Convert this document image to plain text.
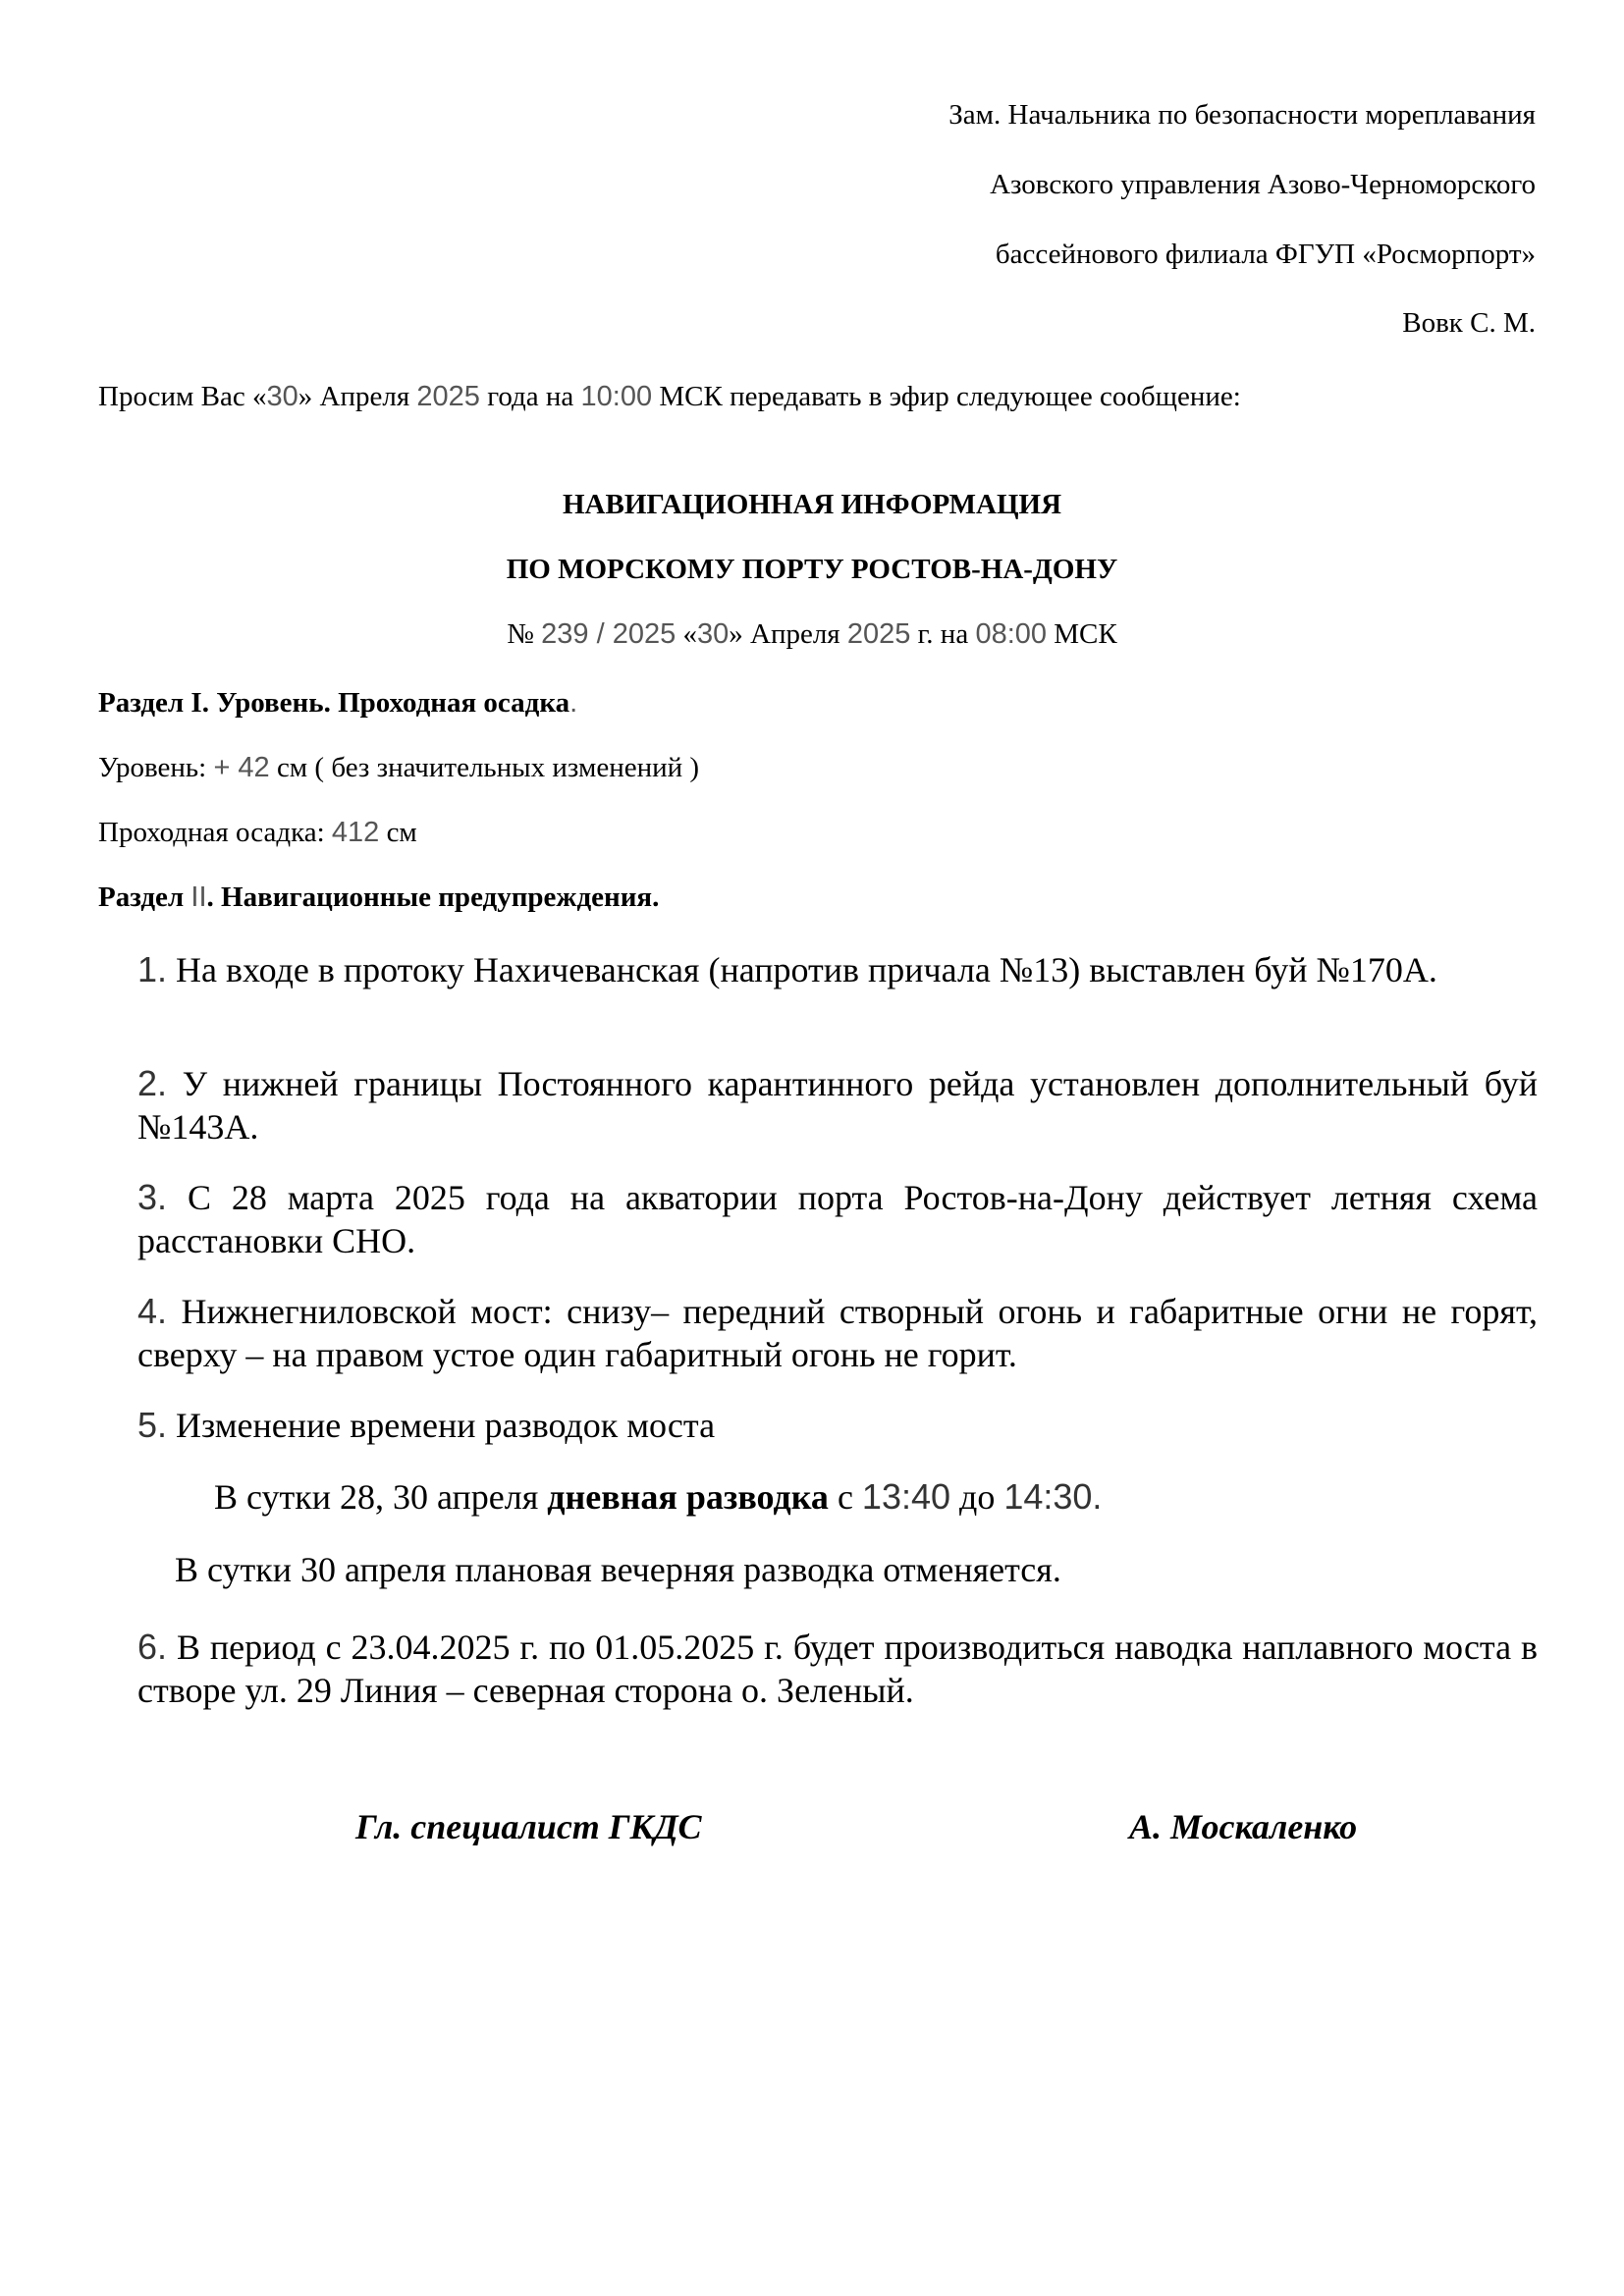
Зам. Начальника по безопасности мореплавания
Азовского управления Азово-Черноморского
бассейнового филиала ФГУП «Росморпорт»
Вовк С. М.
Просим Вас «30» Апреля 2025 года на 10:00 МСК передавать в эфир следующее сообщение:
НАВИГАЦИОННАЯ ИНФОРМАЦИЯ
ПО МОРСКОМУ ПОРТУ РОСТОВ-НА-ДОНУ
№ 239 / 2025 «30» Апреля 2025 г. на 08:00 МСК
Раздел I. Уровень. Проходная осадка.
Уровень: + 42 см ( без значительных изменений )
Проходная осадка: 412 см
Раздел II. Навигационные предупреждения.
1. На входе в протоку Нахичеванская (напротив причала №13) выставлен буй №170А.
2. У нижней границы Постоянного карантинного рейда установлен дополнительный буй №143А.
3. С 28 марта 2025 года на акватории порта Ростов-на-Дону действует летняя схема расстановки СНО.
4. Нижнегниловской мост: снизу– передний створный огонь и габаритные огни не горят, сверху – на правом устое один габаритный огонь не горит.
5. Изменение времени разводок моста
В сутки 28, 30 апреля дневная разводка с 13:40 до 14:30.
В сутки 30 апреля плановая вечерняя разводка отменяется.
6. В период с 23.04.2025 г. по 01.05.2025 г. будет производиться наводка наплавного моста в створе ул. 29 Линия – северная сторона о. Зеленый.
Гл. специалист ГКДС	А. Москаленко
